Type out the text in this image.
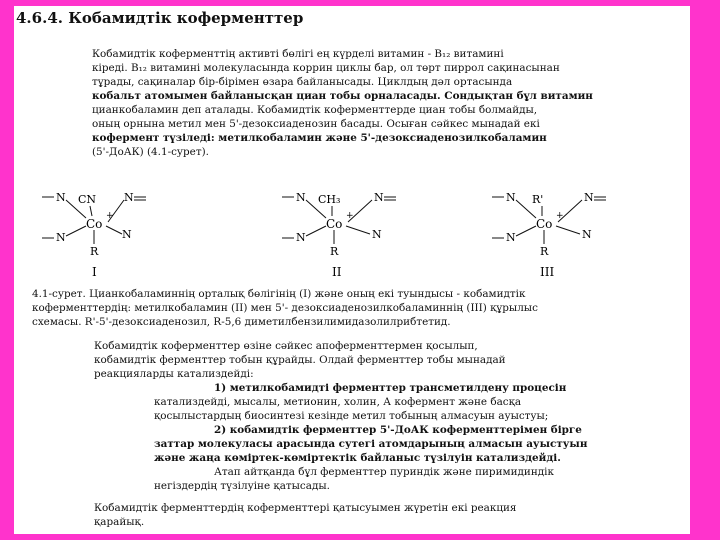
4.6.4. Кобамидтік коферменттер
Кобамидтік коферменттің активті бөлігі ең күрделі витамин - B₁₂ витамині
кіреді. B₁₂ витамині молекуласында коррин циклы бар, ол төрт пиррол сақинасынан
тұрады, сақиналар бір-бірімен өзара байланысады. Циклдың дәл ортасында
кобальт атомымен байланысқан циан тобы орналасады. Сондықтан бұл витамин
цианкобаламин деп аталады. Кобамидтік коферменттерде циан тобы болмайды,
оның орнына метил мен 5'-дезоксиаденозин басады. Осыған сәйкес мынадай екі
кофермент түзіледі: метилкобаламин және 5'-дезоксиаденозилкобаламин
(5'-ДоАК) (4.1-сурет).
CN
Co
N	N
N	N
R
+
I
CH₃
Co
N	N
N	N
R
+
II
R'
Co
N	N
N	N
R
+
III
4.1-сурет. Цианкобаламиннің орталық бөлігінің (I) және оның екі туындысы - кобамидтік
коферменттердің: метилкобаламин (II) мен 5'- дезоксиаденозилкобаламиннің (III) құрылыс
схемасы. R'-5'-дезоксиаденозил, R-5,6 диметилбензилимидазолилрибтетид.
Кобамидтік коферменттер өзіне сәйкес апоферменттермен қосылып,
кобамидтік ферменттер тобын құрайды. Олдай ферменттер тобы мынадай
реакцияларды катализдейді:
1) метилкобамидті ферменттер трансметилдену процесін
катализдейді, мысалы, метионин, холин, А кофермент және басқа
қосылыстардың биосинтезі кезінде метил тобының алмасуын ауыстуы;
2) кобамидтік ферменттер 5'-ДоАК коферменттерімен бірге
заттар молекуласы арасында сутегі атомдарының алмасын ауыстуын
және жаңа көміртек-көміртектік байланыс түзілуін катализдейді.
Атап айтқанда бұл ферменттер пуриндік және пиримидиндік
негіздердің түзілуіне қатысады.
Кобамидтік ферменттердің коферменттері қатысуымен жүретін екі реакция
қарайық.
